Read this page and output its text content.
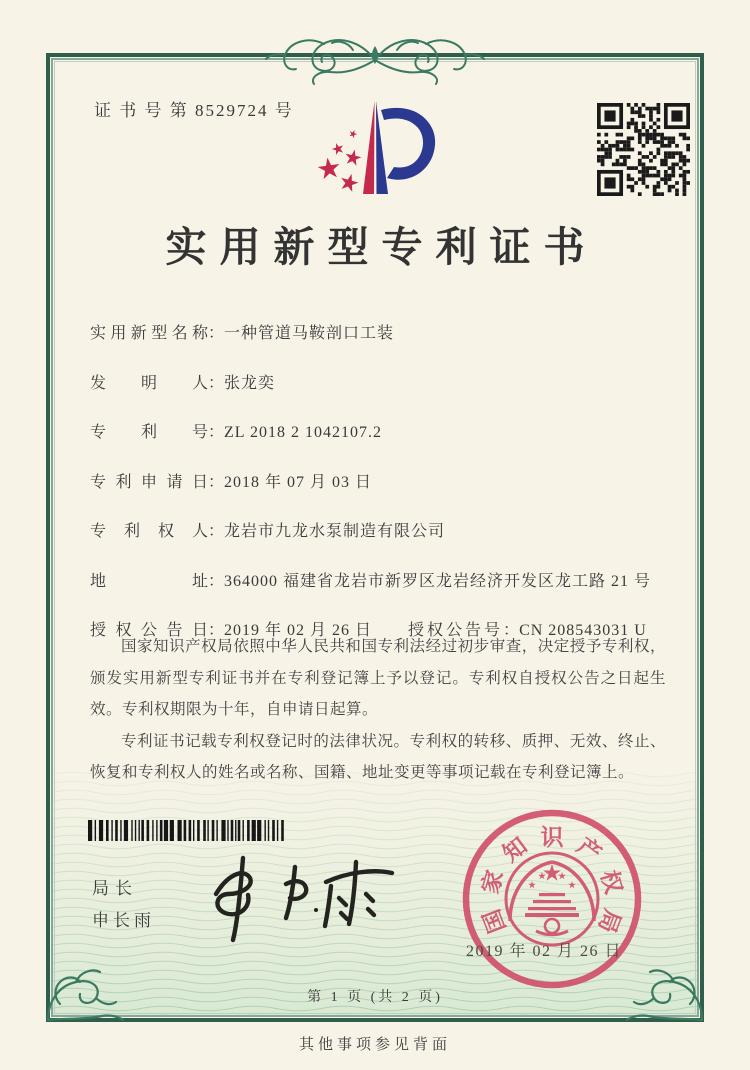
证 书 号 第 8529724 号
实用新型专利证书
实用新型名称：一种管道马鞍剖口工装
发明人：张龙奕
专利号：ZL 2018 2 1042107.2
专利申请日：2018 年 07 月 03 日
专利权人：龙岩市九龙水泵制造有限公司
地址：364000 福建省龙岩市新罗区龙岩经济开发区龙工路 21 号
授权公告日：2019 年 02 月 26 日 授权公告号：CN 208543031 U

国家知识产权局依照中华人民共和国专利法经过初步审查，决定授予专利权，颁发实用新型专利证书并在专利登记簿上予以登记。专利权自授权公告之日起生效。专利权期限为十年，自申请日起算。

专利证书记载专利权登记时的法律状况。专利权的转移、质押、无效、终止、恢复和专利权人的姓名或名称、国籍、地址变更等事项记载在专利登记簿上。

局长
申长雨	国
家
知 识 产
权
局
2019 年 02 月 26 日
第 1 页 (共 2 页)
其他事项参见背面
